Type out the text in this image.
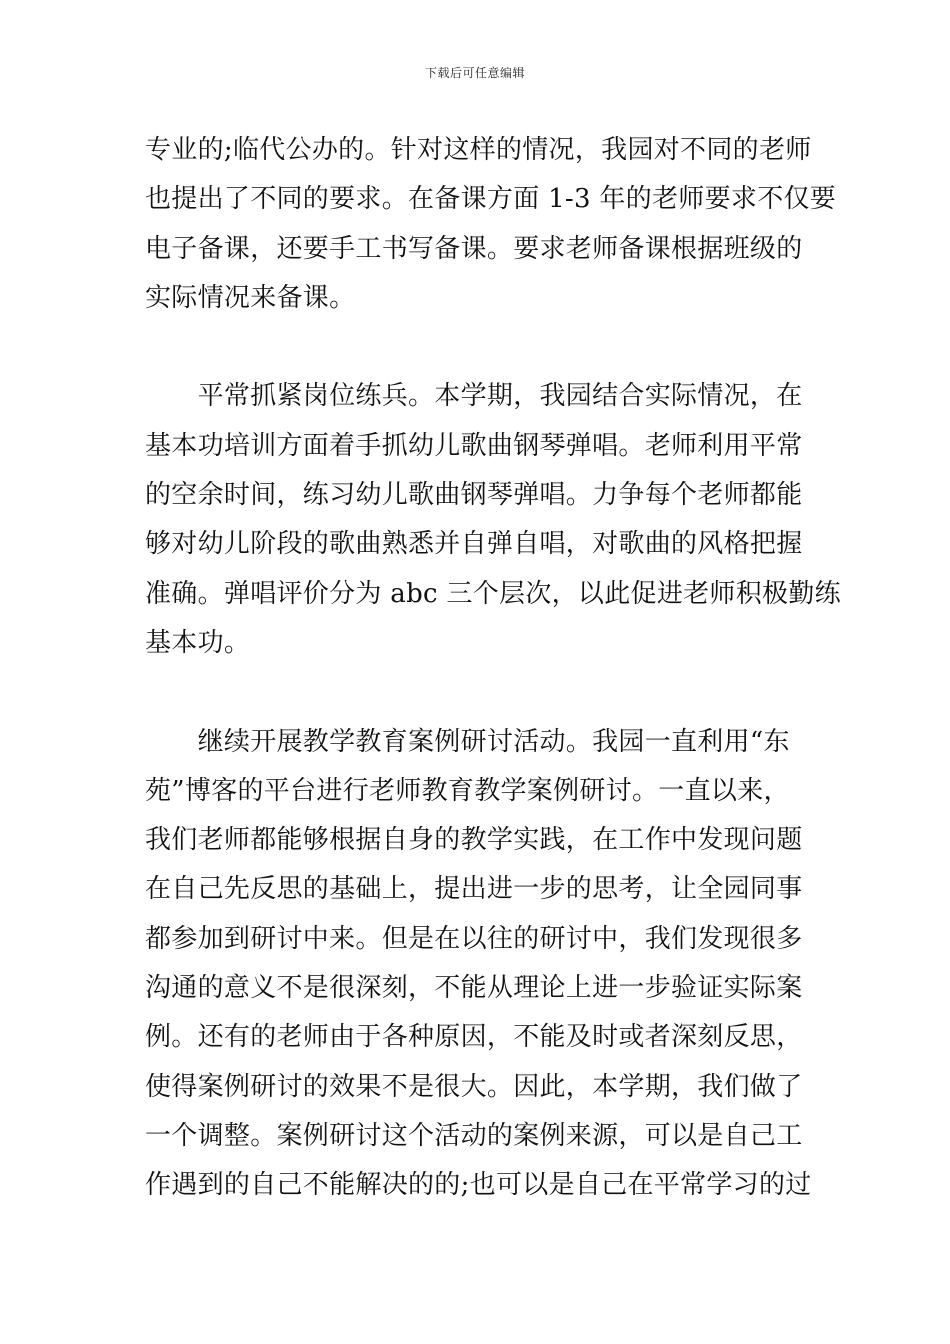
下载后可任意编辑
专业的;临代公办的。针对这样的情况，我园对不同的老师
也提出了不同的要求。在备课方面 1-3 年的老师要求不仅要
电子备课，还要手工书写备课。要求老师备课根据班级的
实际情况来备课。
　　平常抓紧岗位练兵。本学期，我园结合实际情况，在
基本功培训方面着手抓幼儿歌曲钢琴弹唱。老师利用平常
的空余时间，练习幼儿歌曲钢琴弹唱。力争每个老师都能
够对幼儿阶段的歌曲熟悉并自弹自唱，对歌曲的风格把握
准确。弹唱评价分为 abc 三个层次，以此促进老师积极勤练
基本功。
　　继续开展教学教育案例研讨活动。我园一直利用“东
苑”博客的平台进行老师教育教学案例研讨。一直以来，
我们老师都能够根据自身的教学实践，在工作中发现问题
在自己先反思的基础上，提出进一步的思考，让全园同事
都参加到研讨中来。但是在以往的研讨中，我们发现很多
沟通的意义不是很深刻，不能从理论上进一步验证实际案
例。还有的老师由于各种原因，不能及时或者深刻反思，
使得案例研讨的效果不是很大。因此，本学期，我们做了
一个调整。案例研讨这个活动的案例来源，可以是自己工
作遇到的自己不能解决的的;也可以是自己在平常学习的过
